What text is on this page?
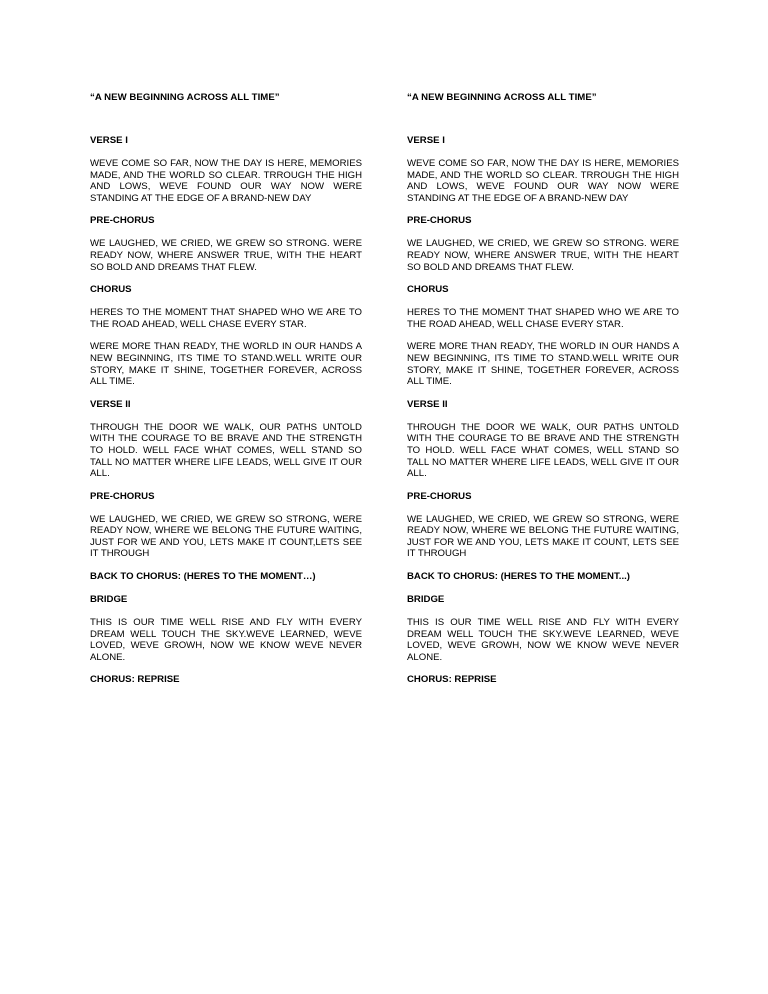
“A NEW BEGINNING ACROSS ALL TIME”

VERSE I

WEVE COME SO FAR, NOW THE DAY IS HERE, MEMORIES MADE, AND THE WORLD SO CLEAR. TRROUGH THE HIGH AND LOWS, WEVE FOUND OUR WAY NOW WERE STANDING AT THE EDGE OF A BRAND-NEW DAY

PRE-CHORUS

WE LAUGHED, WE CRIED, WE GREW SO STRONG. WERE READY NOW, WHERE ANSWER TRUE, WITH THE HEART SO BOLD AND DREAMS THAT FLEW.

CHORUS

HERES TO THE MOMENT THAT SHAPED WHO WE ARE TO THE ROAD AHEAD, WELL CHASE EVERY STAR.

WERE MORE THAN READY, THE WORLD IN OUR HANDS A NEW BEGINNING, ITS TIME TO STAND.WELL WRITE OUR STORY, MAKE IT SHINE, TOGETHER FOREVER, ACROSS ALL TIME.

VERSE II

THROUGH THE DOOR WE WALK, OUR PATHS UNTOLD WITH THE COURAGE TO BE BRAVE AND THE STRENGTH TO HOLD. WELL FACE WHAT COMES, WELL STAND SO TALL NO MATTER WHERE LIFE LEADS, WELL GIVE IT OUR ALL.

PRE-CHORUS

WE LAUGHED, WE CRIED, WE GREW SO STRONG, WERE READY NOW, WHERE WE BELONG THE FUTURE WAITING, JUST FOR WE AND YOU, LETS MAKE IT COUNT,LETS SEE IT THROUGH

BACK TO CHORUS: (HERES TO THE MOMENT…)

BRIDGE

THIS IS OUR TIME WELL RISE AND FLY WITH EVERY DREAM WELL TOUCH THE SKY.WEVE LEARNED, WEVE LOVED, WEVE GROWH, NOW WE KNOW WEVE NEVER ALONE.

CHORUS: REPRISE

“A NEW BEGINNING ACROSS ALL TIME”

VERSE I

WEVE COME SO FAR, NOW THE DAY IS HERE, MEMORIES MADE, AND THE WORLD SO CLEAR. TRROUGH THE HIGH AND LOWS, WEVE FOUND OUR WAY NOW WERE STANDING AT THE EDGE OF A BRAND-NEW DAY

PRE-CHORUS

WE LAUGHED, WE CRIED, WE GREW SO STRONG. WERE READY NOW, WHERE ANSWER TRUE, WITH THE HEART SO BOLD AND DREAMS THAT FLEW.

CHORUS

HERES TO THE MOMENT THAT SHAPED WHO WE ARE TO THE ROAD AHEAD, WELL CHASE EVERY STAR.

WERE MORE THAN READY, THE WORLD IN OUR HANDS A NEW BEGINNING, ITS TIME TO STAND.WELL WRITE OUR STORY, MAKE IT SHINE, TOGETHER FOREVER, ACROSS ALL TIME.

VERSE II

THROUGH THE DOOR WE WALK, OUR PATHS UNTOLD WITH THE COURAGE TO BE BRAVE AND THE STRENGTH TO HOLD. WELL FACE WHAT COMES, WELL STAND SO TALL NO MATTER WHERE LIFE LEADS, WELL GIVE IT OUR ALL.

PRE-CHORUS

WE LAUGHED, WE CRIED, WE GREW SO STRONG, WERE READY NOW, WHERE WE BELONG THE FUTURE WAITING, JUST FOR WE AND YOU, LETS MAKE IT COUNT, LETS SEE IT THROUGH

BACK TO CHORUS: (HERES TO THE MOMENT...)

BRIDGE

THIS IS OUR TIME WELL RISE AND FLY WITH EVERY DREAM WELL TOUCH THE SKY.WEVE LEARNED, WEVE LOVED, WEVE GROWH, NOW WE KNOW WEVE NEVER ALONE.

CHORUS: REPRISE
